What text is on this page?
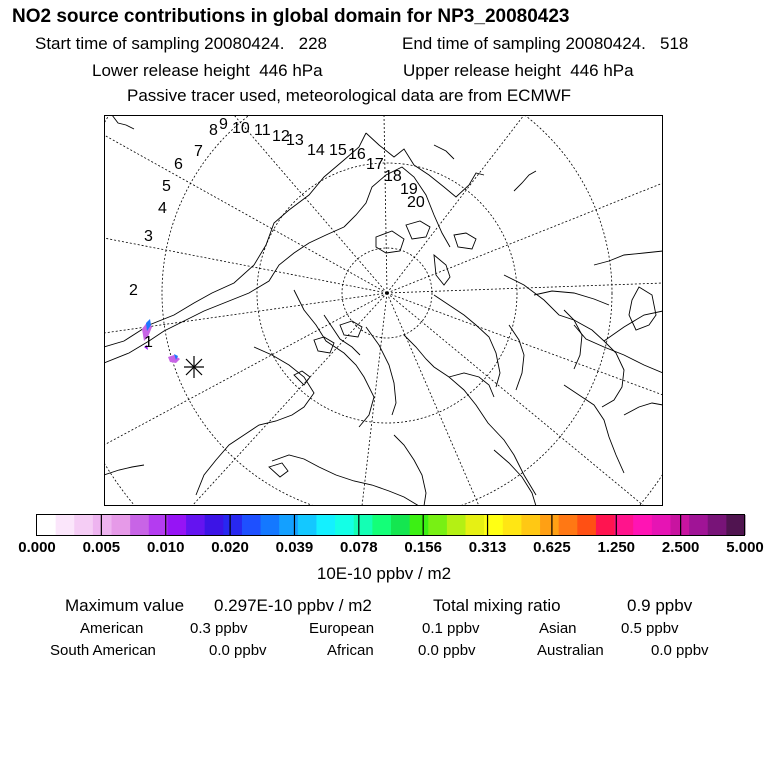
NO2 source contributions in global domain for NP3_20080423
Start time of sampling 20080424.   228	End time of sampling 20080424.   518
Lower release height  446 hPa	Upper release height  446 hPa
Passive tracer used, meteorological data are from ECMWF
1
2
3
4
5
6
7
8 9 10 11 12
13
14 15 16
17
18
19
20
0.000 0.005 0.010 0.020 0.039 0.078 0.156 0.313 0.625 1.250 2.500 5.000
10E-10 ppbv / m2
Maximum value 0.297E-10 ppbv / m2	Total mixing ratio	0.9 ppbv
American	0.3 ppbv	European	0.1 ppbv	Asian	0.5 ppbv
South American	0.0 ppbv	African	0.0 ppbv	Australian	0.0 ppbv
